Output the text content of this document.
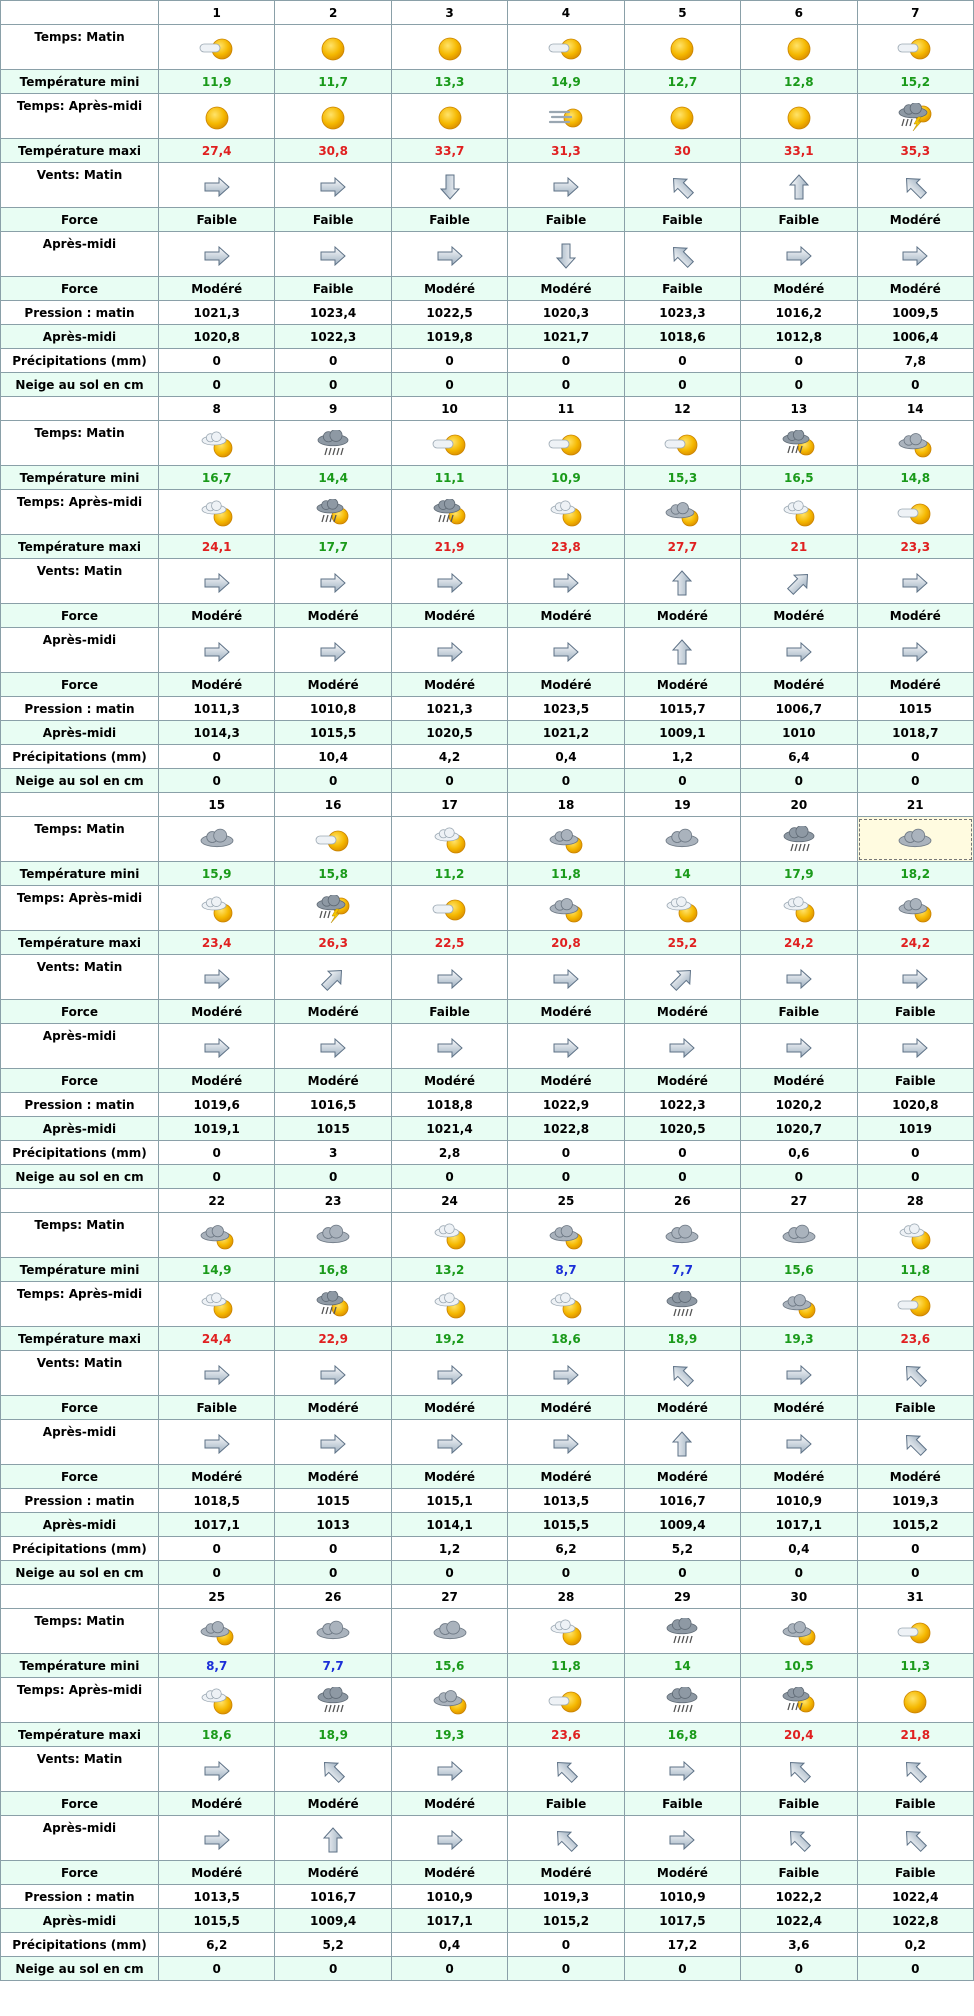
	1	2	3	4	5	6	7
Temps: Matin	

Température mini	11,9	11,7	13,3	14,9	12,7	12,8	15,2
Temps: Après-midi	

Température maxi	27,4	30,8	33,7	31,3	30	33,1	35,3
Vents: Matin	

Force	Faible	Faible	Faible	Faible	Faible	Faible	Modéré
Après-midi	

Force	Modéré	Faible	Modéré	Modéré	Faible	Modéré	Modéré
Pression : matin	1021,3	1023,4	1022,5	1020,3	1023,3	1016,2	1009,5
Après-midi	1020,8	1022,3	1019,8	1021,7	1018,6	1012,8	1006,4
Précipitations (mm)	0	0	0	0	0	0	7,8
Neige au sol en cm	0	0	0	0	0	0	0
	8	9	10	11	12	13	14
Temps: Matin	

Température mini	16,7	14,4	11,1	10,9	15,3	16,5	14,8
Temps: Après-midi	

Température maxi	24,1	17,7	21,9	23,8	27,7	21	23,3
Vents: Matin	

Force	Modéré	Modéré	Modéré	Modéré	Modéré	Modéré	Modéré
Après-midi	

Force	Modéré	Modéré	Modéré	Modéré	Modéré	Modéré	Modéré
Pression : matin	1011,3	1010,8	1021,3	1023,5	1015,7	1006,7	1015
Après-midi	1014,3	1015,5	1020,5	1021,2	1009,1	1010	1018,7
Précipitations (mm)	0	10,4	4,2	0,4	1,2	6,4	0
Neige au sol en cm	0	0	0	0	0	0	0
	15	16	17	18	19	20	21
Temps: Matin	

Température mini	15,9	15,8	11,2	11,8	14	17,9	18,2
Temps: Après-midi	

Température maxi	23,4	26,3	22,5	20,8	25,2	24,2	24,2
Vents: Matin	

Force	Modéré	Modéré	Faible	Modéré	Modéré	Faible	Faible
Après-midi	

Force	Modéré	Modéré	Modéré	Modéré	Modéré	Modéré	Faible
Pression : matin	1019,6	1016,5	1018,8	1022,9	1022,3	1020,2	1020,8
Après-midi	1019,1	1015	1021,4	1022,8	1020,5	1020,7	1019
Précipitations (mm)	0	3	2,8	0	0	0,6	0
Neige au sol en cm	0	0	0	0	0	0	0
	22	23	24	25	26	27	28
Temps: Matin	

Température mini	14,9	16,8	13,2	8,7	7,7	15,6	11,8
Temps: Après-midi	

Température maxi	24,4	22,9	19,2	18,6	18,9	19,3	23,6
Vents: Matin	

Force	Faible	Modéré	Modéré	Modéré	Modéré	Modéré	Faible
Après-midi	

Force	Modéré	Modéré	Modéré	Modéré	Modéré	Modéré	Modéré
Pression : matin	1018,5	1015	1015,1	1013,5	1016,7	1010,9	1019,3
Après-midi	1017,1	1013	1014,1	1015,5	1009,4	1017,1	1015,2
Précipitations (mm)	0	0	1,2	6,2	5,2	0,4	0
Neige au sol en cm	0	0	0	0	0	0	0
	25	26	27	28	29	30	31
Temps: Matin	

Température mini	8,7	7,7	15,6	11,8	14	10,5	11,3
Temps: Après-midi	

Température maxi	18,6	18,9	19,3	23,6	16,8	20,4	21,8
Vents: Matin	

Force	Modéré	Modéré	Modéré	Faible	Faible	Faible	Faible
Après-midi	

Force	Modéré	Modéré	Modéré	Modéré	Modéré	Faible	Faible
Pression : matin	1013,5	1016,7	1010,9	1019,3	1010,9	1022,2	1022,4
Après-midi	1015,5	1009,4	1017,1	1015,2	1017,5	1022,4	1022,8
Précipitations (mm)	6,2	5,2	0,4	0	17,2	3,6	0,2
Neige au sol en cm	0	0	0	0	0	0	0
